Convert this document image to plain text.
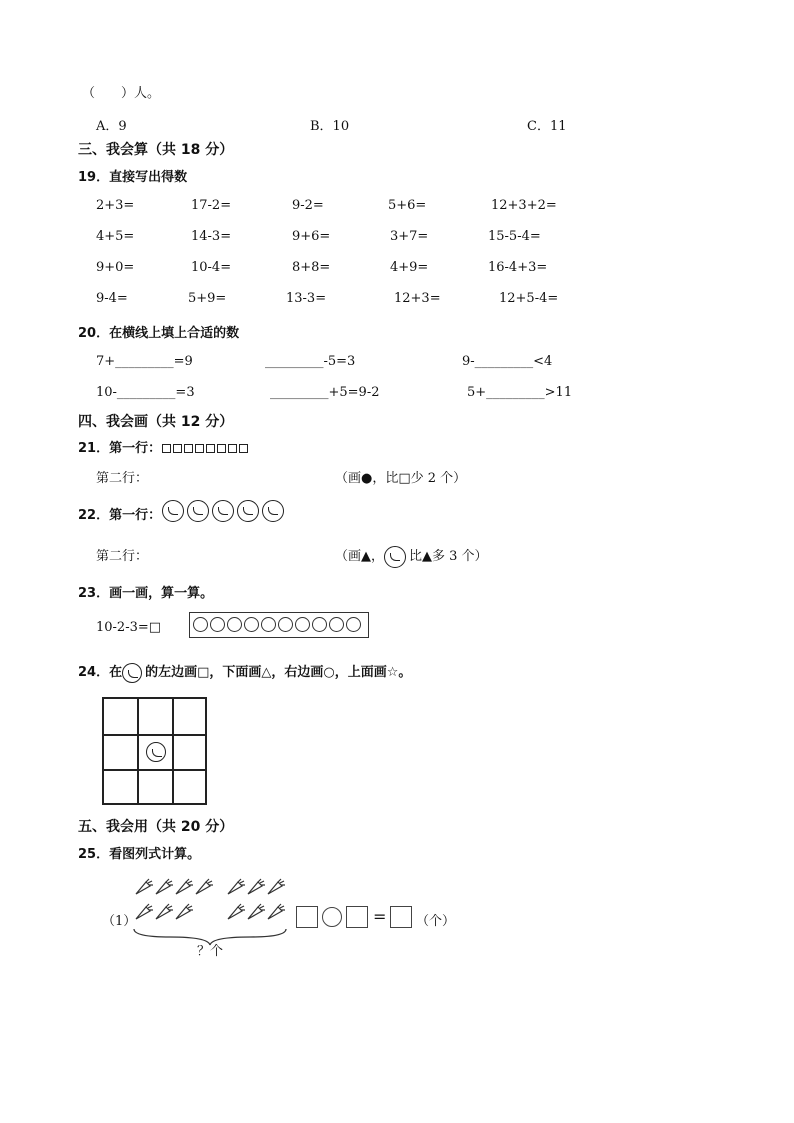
（　　）人。
A．9	B．10	C．11
三、我会算（共 18 分）
19．直接写出得数
2+3=	17-2=	9-2=	5+6=	12+3+2=
4+5=	14-3=	9+6=	3+7=	15-5-4=
9+0=	10-4=	8+8=	4+9=	16-4+3=
9-4=	5+9=	13-3=	12+3=	12+5-4=
20．在横线上填上合适的数
7+_________=9	_________-5=3	9-_________<4
10-_________=3	_________+5=9-2	5+_________>11
四、我会画（共 12 分）
21．第一行：
第二行：	（画●，比□少 2 个）
22．第一行：
第二行：	（画▲， 比▲多 3 个）
23．画一画，算一算。
10-2-3=□
24．在 的左边画□，下面画△，右边画○，上面画☆。
五、我会用（共 20 分）
25．看图列式计算。
（1）
？个
= （个）
